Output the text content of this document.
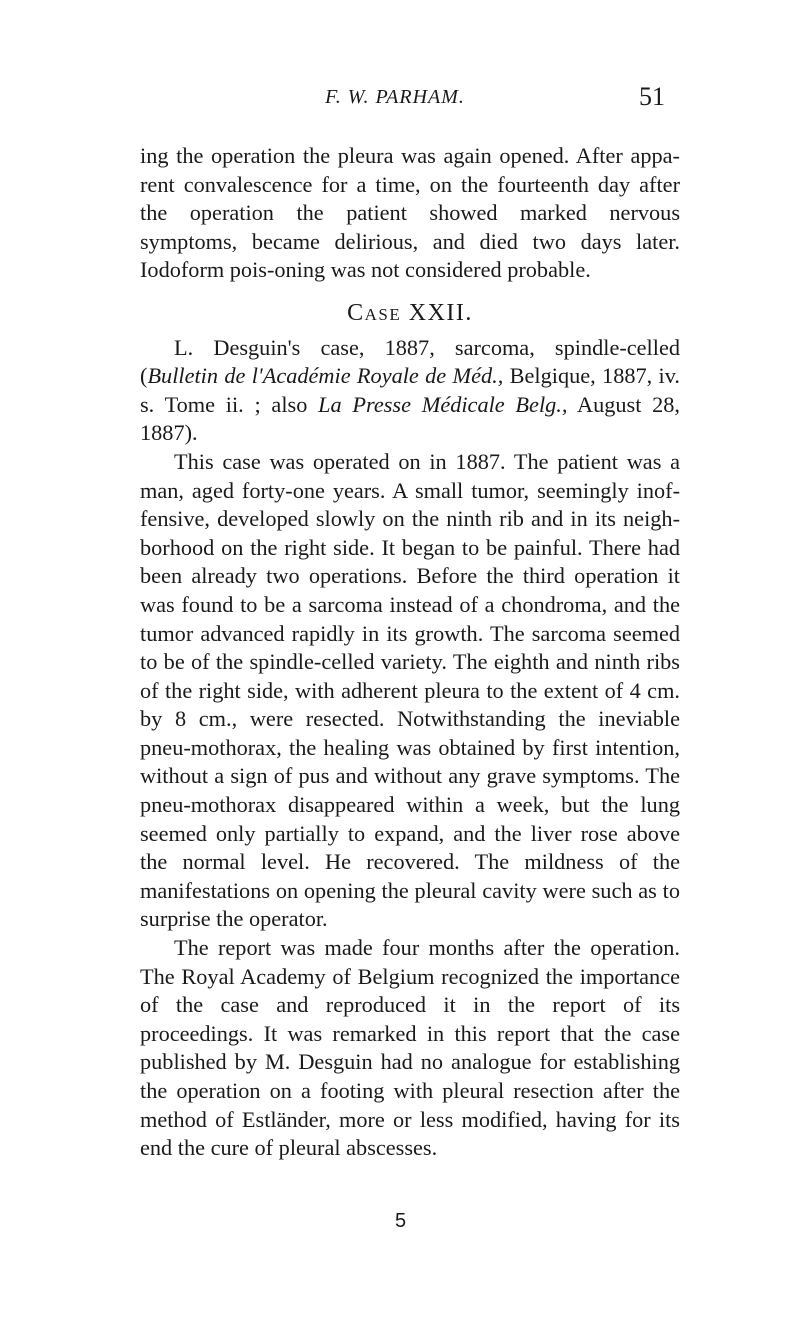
F. W. PARHAM.	51

ing the operation the pleura was again opened. After appa-rent convalescence for a time, on the fourteenth day after the operation the patient showed marked nervous symptoms, became delirious, and died two days later. Iodoform pois-oning was not considered probable.

Case XXII.

L. Desguin's case, 1887, sarcoma, spindle-celled (Bulletin de l'Académie Royale de Méd., Belgique, 1887, iv. s. Tome ii. ; also La Presse Médicale Belg., August 28, 1887).

This case was operated on in 1887. The patient was a man, aged forty-one years. A small tumor, seemingly inof-fensive, developed slowly on the ninth rib and in its neigh-borhood on the right side. It began to be painful. There had been already two operations. Before the third operation it was found to be a sarcoma instead of a chondroma, and the tumor advanced rapidly in its growth. The sarcoma seemed to be of the spindle-celled variety. The eighth and ninth ribs of the right side, with adherent pleura to the extent of 4 cm. by 8 cm., were resected. Notwithstanding the ineviable pneu-mothorax, the healing was obtained by first intention, without a sign of pus and without any grave symptoms. The pneu-mothorax disappeared within a week, but the lung seemed only partially to expand, and the liver rose above the normal level. He recovered. The mildness of the manifestations on opening the pleural cavity were such as to surprise the operator.

The report was made four months after the operation. The Royal Academy of Belgium recognized the importance of the case and reproduced it in the report of its proceedings. It was remarked in this report that the case published by M. Desguin had no analogue for establishing the operation on a footing with pleural resection after the method of Estländer, more or less modified, having for its end the cure of pleural abscesses.

5
